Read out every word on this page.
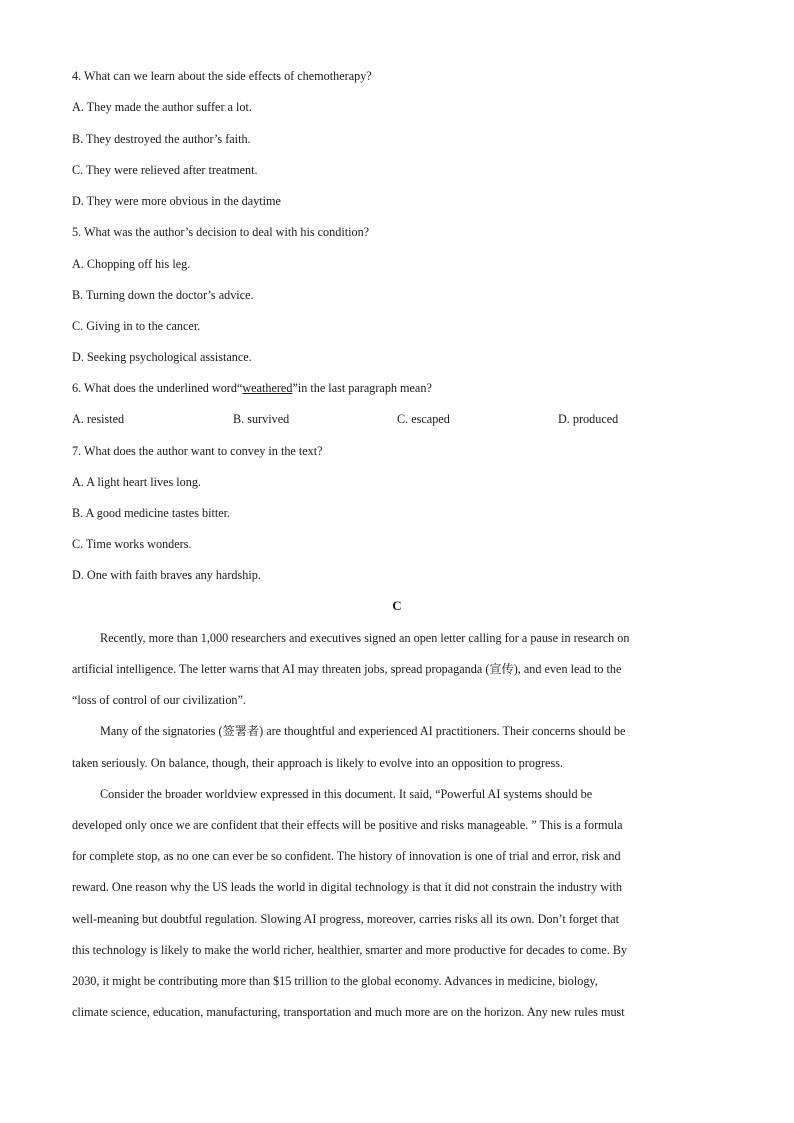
4. What can we learn about the side effects of chemotherapy?
A. They made the author suffer a lot.
B. They destroyed the author’s faith.
C. They were relieved after treatment.
D. They were more obvious in the daytime
5. What was the author’s decision to deal with his condition?
A. Chopping off his leg.
B. Turning down the doctor’s advice.
C. Giving in to the cancer.
D. Seeking psychological assistance.
6. What does the underlined word“weathered”in the last paragraph mean?
A. resisted	B. survived	C. escaped	D. produced
7. What does the author want to convey in the text?
A. A light heart lives long.
B. A good medicine tastes bitter.
C. Time works wonders.
D. One with faith braves any hardship.
C
Recently, more than 1,000 researchers and executives signed an open letter calling for a pause in research on
artificial intelligence. The letter warns that AI may threaten jobs, spread propaganda (宣传), and even lead to the
“loss of control of our civilization”.
Many of the signatories (签署者) are thoughtful and experienced AI practitioners. Their concerns should be
taken seriously. On balance, though, their approach is likely to evolve into an opposition to progress.
Consider the broader worldview expressed in this document. It said, “Powerful AI systems should be
developed only once we are confident that their effects will be positive and risks manageable. ” This is a formula
for complete stop, as no one can ever be so confident. The history of innovation is one of trial and error, risk and
reward. One reason why the US leads the world in digital technology is that it did not constrain the industry with
well-meaning but doubtful regulation. Slowing AI progress, moreover, carries risks all its own. Don’t forget that
this technology is likely to make the world richer, healthier, smarter and more productive for decades to come. By
2030, it might be contributing more than $15 trillion to the global economy. Advances in medicine, biology,
climate science, education, manufacturing, transportation and much more are on the horizon. Any new rules must
